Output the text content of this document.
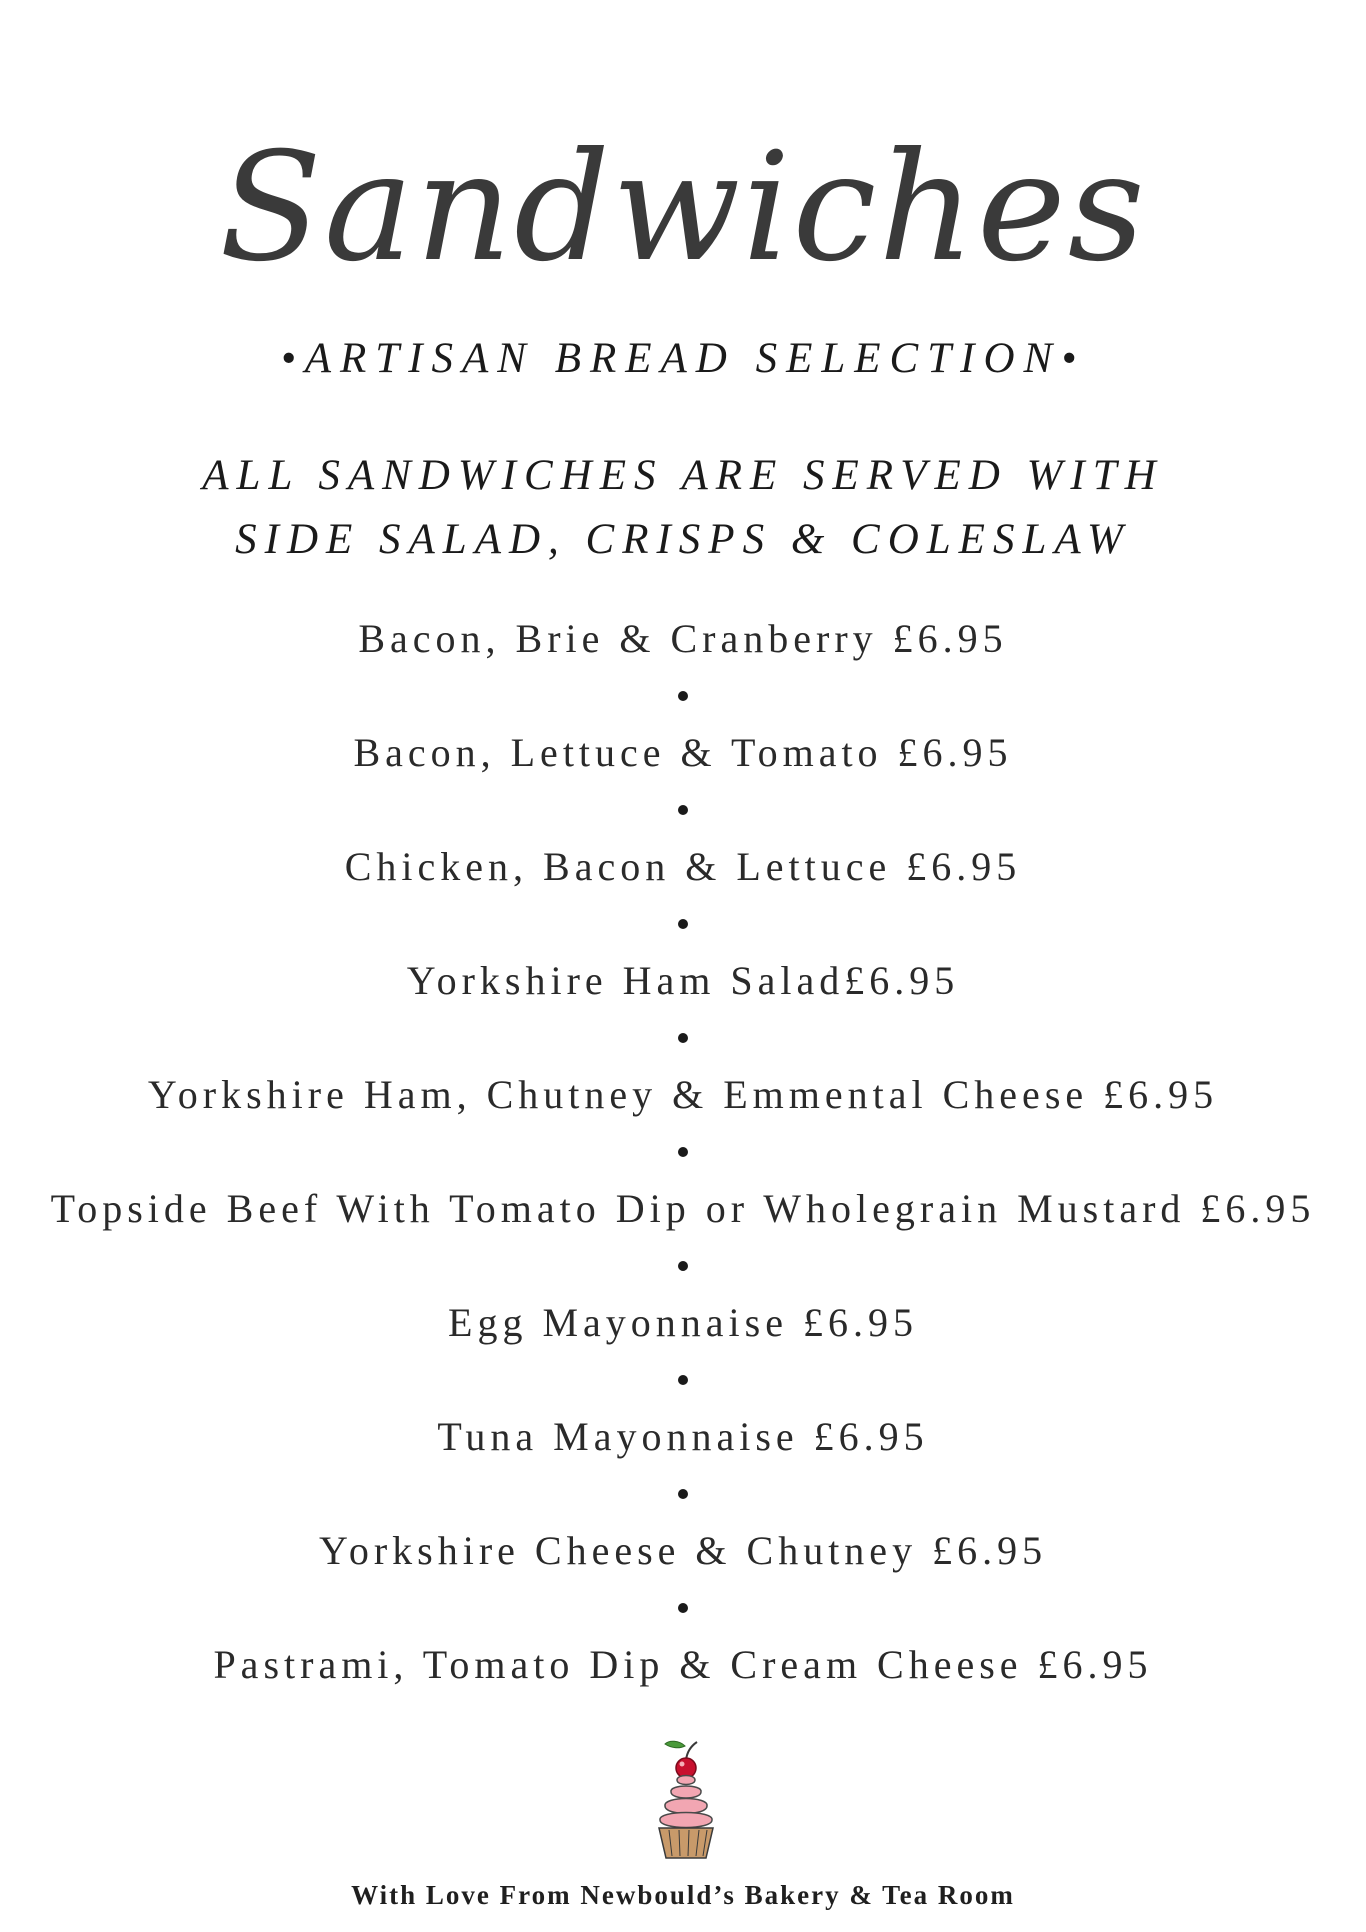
Sandwiches
•ARTISAN BREAD SELECTION•
ALL SANDWICHES ARE SERVED WITH
SIDE SALAD, CRISPS & COLESLAW
Bacon, Brie & Cranberry £6.95
Bacon, Lettuce & Tomato £6.95
Chicken, Bacon & Lettuce £6.95
Yorkshire Ham Salad£6.95
Yorkshire Ham, Chutney & Emmental Cheese £6.95
Topside Beef With Tomato Dip or Wholegrain Mustard £6.95
Egg Mayonnaise £6.95
Tuna Mayonnaise £6.95
Yorkshire Cheese & Chutney £6.95
Pastrami, Tomato Dip & Cream Cheese £6.95
With Love From Newbould’s Bakery & Tea Room
